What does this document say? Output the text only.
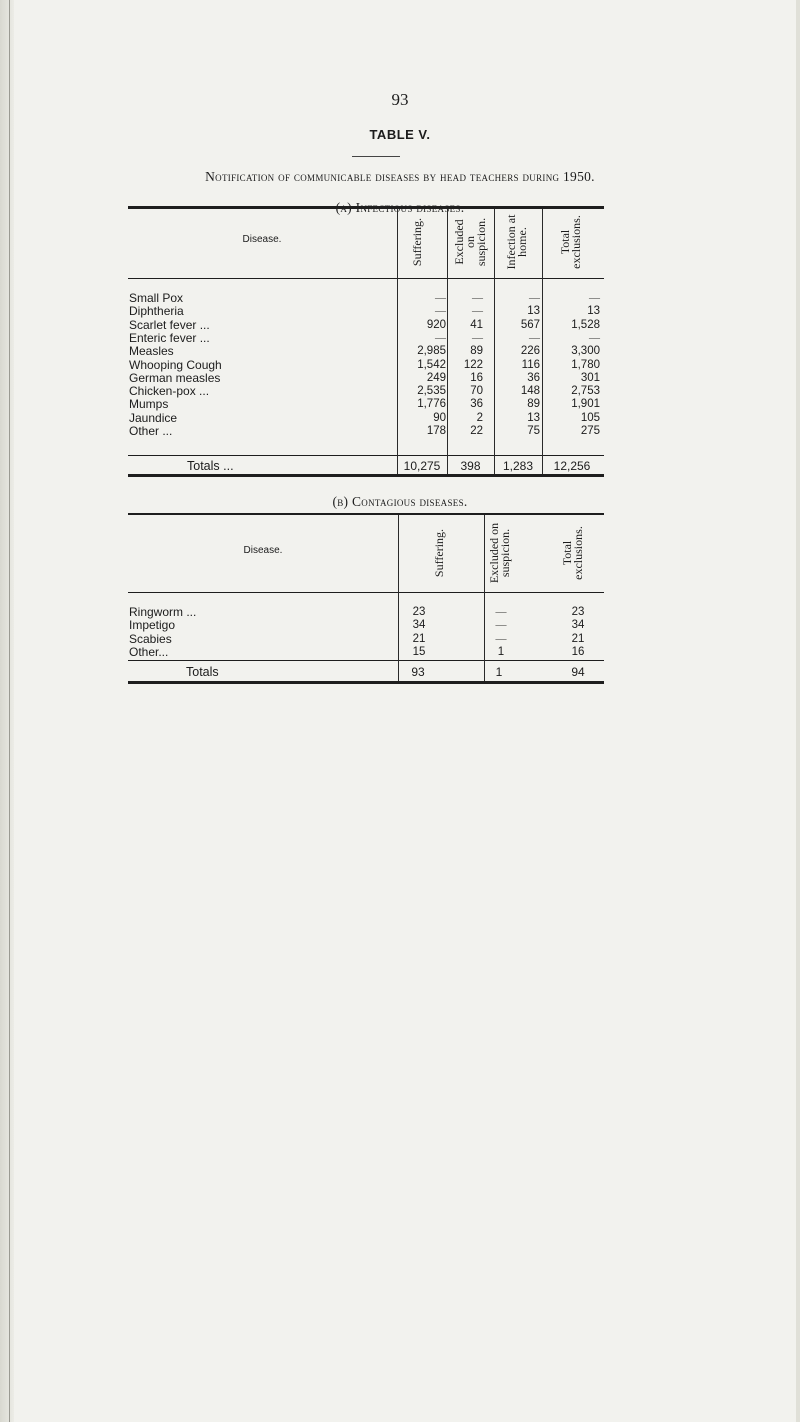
93
TABLE V.
Notification of communicable diseases by head teachers during 1950.
Disease.	Suffering. Excluded on suspicion. Infection at home. Total exclusions.
Small Pox	—	—	—	—
Diphtheria	—	—	13	13
Scarlet fever ...	920	41	567	1,528
Enteric fever ...	—	—	—	—
Measles	2,985	89	226	3,300
Whooping Cough	1,542	122	116	1,780
German measles	249	16	36	301
Chicken-pox ...	2,535	70	148	2,753
Mumps	1,776	36	89	1,901
Jaundice	90	2	13	105
Other ...	178	22	75	275
Totals ...	10,275	398	1,283	12,256
(b) Contagious diseases.
Disease.	Suffering.	Excluded on suspicion.	Total exclusions.
Ringworm ...	23	—	23
Impetigo	34	—	34
Scabies	21	—	21
Other...	15	1	16
Totals	93	1	94
